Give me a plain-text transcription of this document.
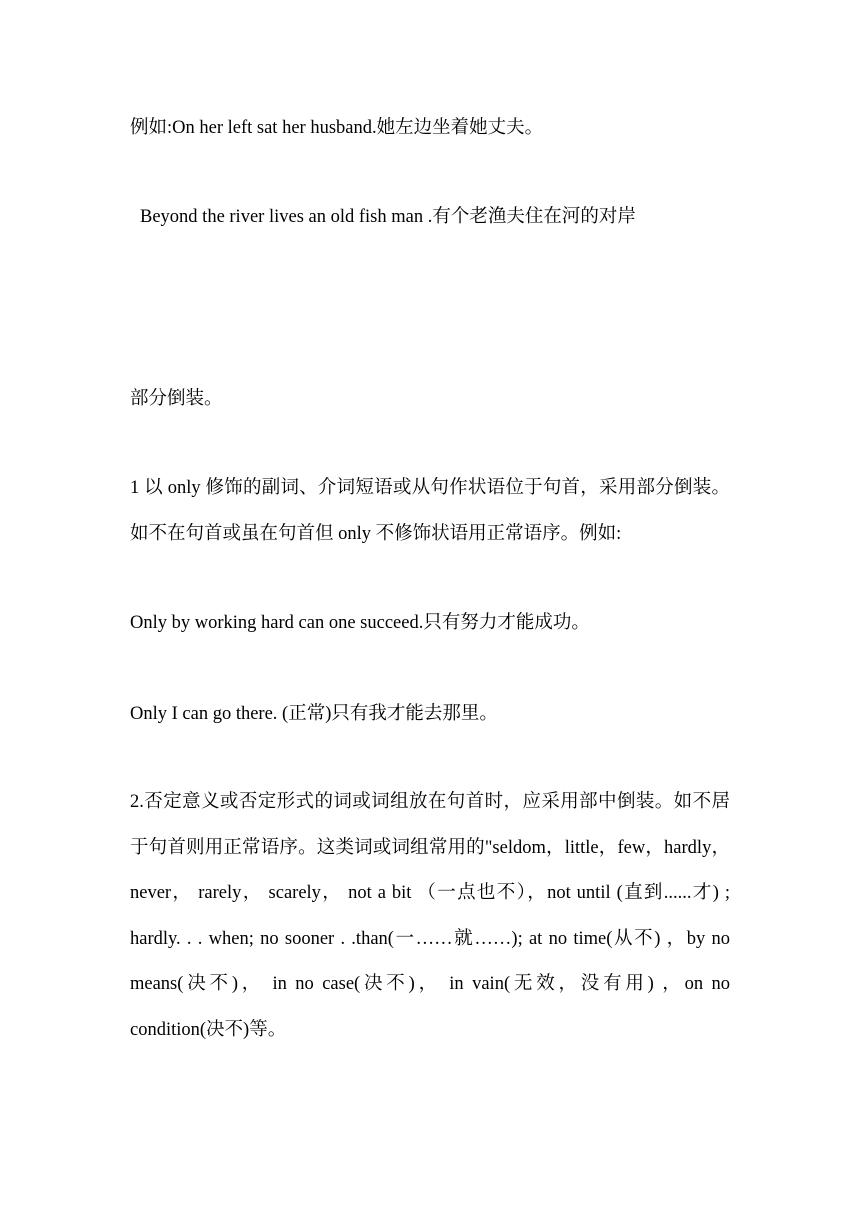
例如:On her left sat her husband.她左边坐着她丈夫。
Beyond the river lives an old fish man .有个老渔夫住在河的对岸
部分倒装。
1 以 only 修饰的副词、介词短语或从句作状语位于句首，采用部分倒装。如不在句首或虽在句首但 only 不修饰状语用正常语序。例如:
Only by working hard can one succeed.只有努力才能成功。
Only I can go there. (正常)只有我才能去那里。
2.否定意义或否定形式的词或词组放在句首时，应采用部中倒装。如不居于句首则用正常语序。这类词或词组常用的"seldom，little，few，hardly， never， rarely， scarely， not a bit （一点也不），not until (直到......才) ; hardly. . . when; no sooner . .than(一……就……); at no time(从不) ，by no means(决不)， in no case(决不)， in vain(无效，没有用) ，on no condition(决不)等。
